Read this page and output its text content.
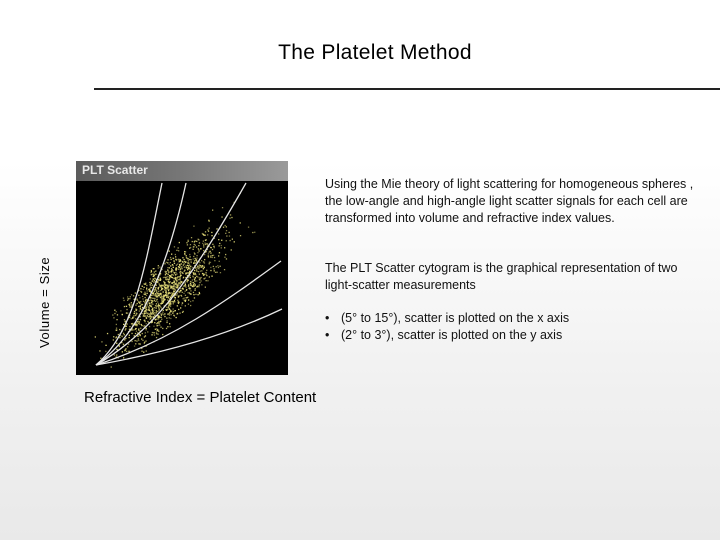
The Platelet Method
Volume = Size
PLT Scatter
Using the Mie theory of light scattering for homogeneous spheres , the low-angle and high-angle light scatter signals for each cell are transformed into volume and refractive index values.
The PLT Scatter cytogram is the graphical representation of two light-scatter measurements
• (5° to 15°), scatter is plotted on the x axis
• (2° to 3°), scatter is plotted on the y axis
Refractive Index = Platelet Content
